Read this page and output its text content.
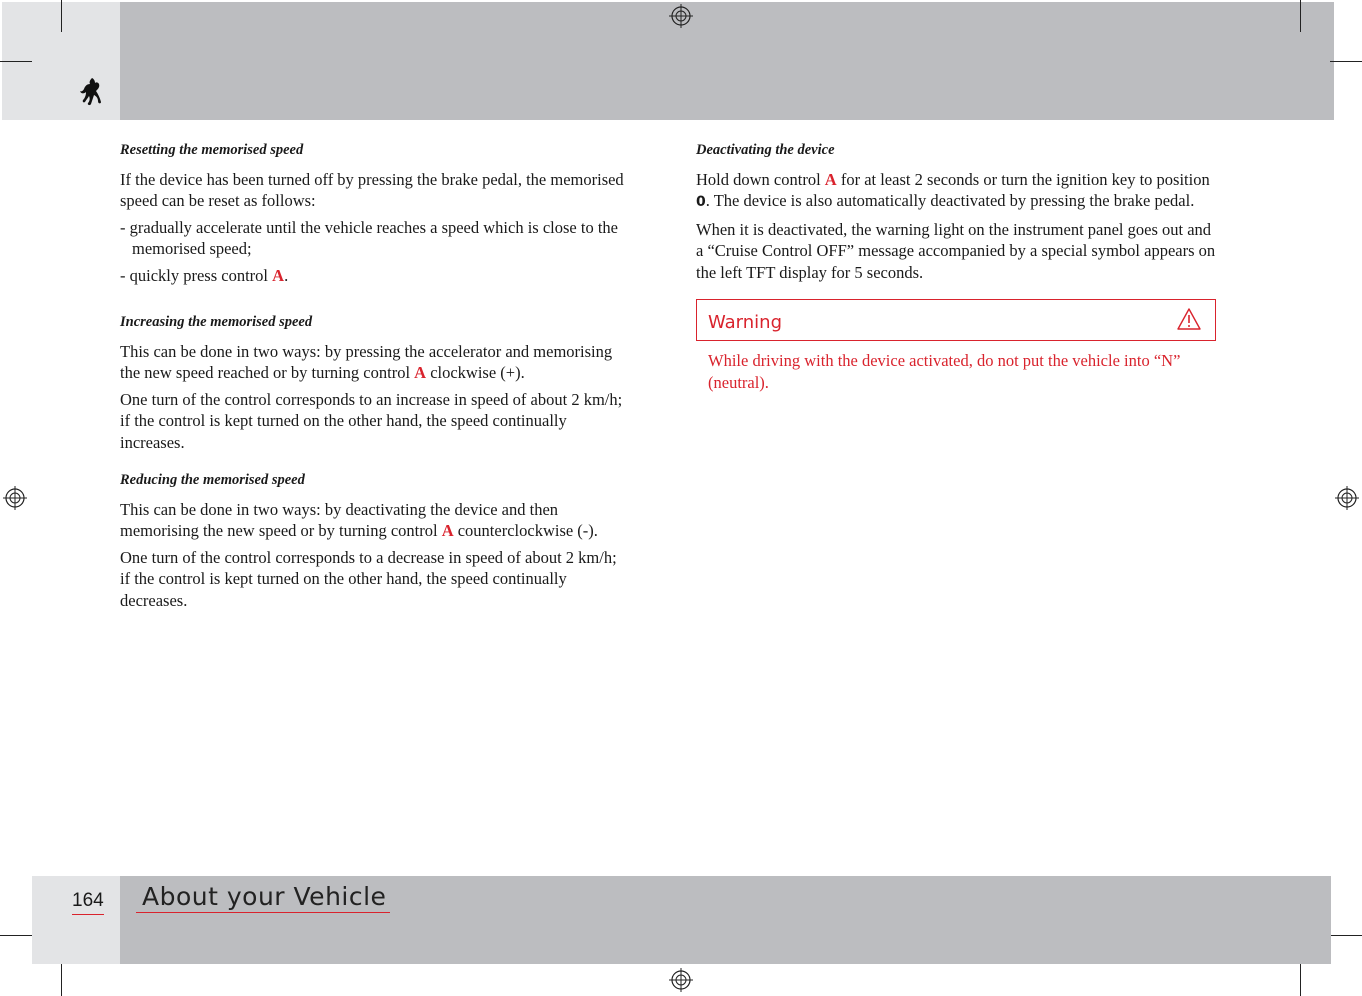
Resetting the memorised speed

If the device has been turned off by pressing the brake pedal, the memorised speed can be reset as follows:

- gradually accelerate until the vehicle reaches a speed which is close to the memorised speed;
- quickly press control A.
Increasing the memorised speed

This can be done in two ways: by pressing the accelerator and memorising the new speed reached or by turning control A clockwise (+).

One turn of the control corresponds to an increase in speed of about 2 km/h; if the control is kept turned on the other hand, the speed continually increases.

Reducing the memorised speed

This can be done in two ways: by deactivating the device and then memorising the new speed or by turning control A counterclockwise (-).

One turn of the control corresponds to a decrease in speed of about 2 km/h; if the control is kept turned on the other hand, the speed continually decreases.

Deactivating the device

Hold down control A for at least 2 seconds or turn the ignition key to position 0. The device is also automatically deactivated by pressing the brake pedal.

When it is deactivated, the warning light on the instrument panel goes out and a “Cruise Control OFF” message accompanied by a special symbol appears on the left TFT display for 5 seconds.

Warning
While driving with the device activated, do not put the vehicle into “N” (neutral).
164 About your Vehicle
